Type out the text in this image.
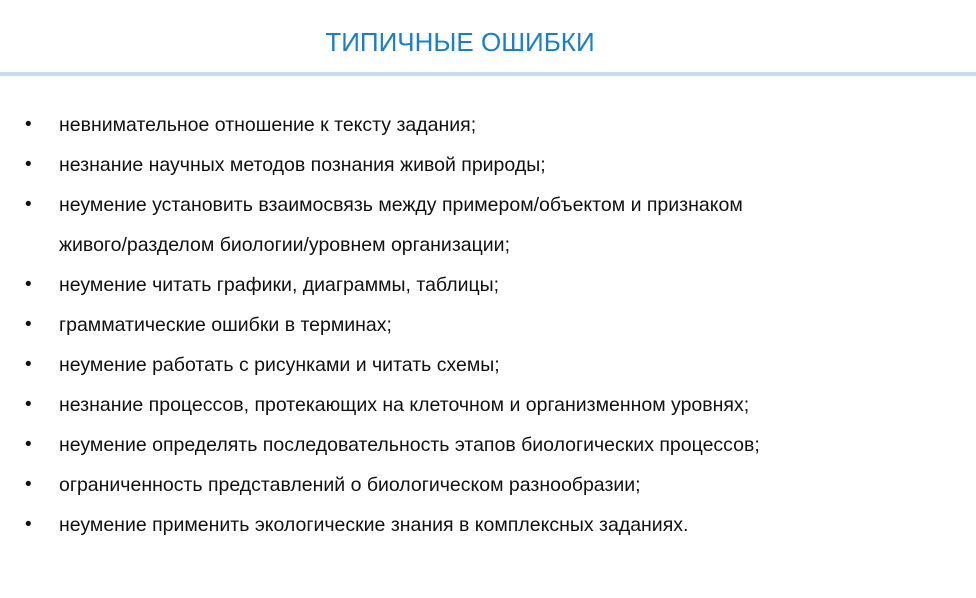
ТИПИЧНЫЕ ОШИБКИ
• невнимательное отношение к тексту задания;
• незнание научных методов познания живой природы;
• неумение установить взаимосвязь между примером/объектом и признаком
живого/разделом биологии/уровнем организации;
• неумение читать графики, диаграммы, таблицы;
• грамматические ошибки в терминах;
• неумение работать с рисунками и читать схемы;
• незнание процессов, протекающих на клеточном и организменном уровнях;
• неумение определять последовательность этапов биологических процессов;
• ограниченность представлений о биологическом разнообразии;
• неумение применить экологические знания в комплексных заданиях.
